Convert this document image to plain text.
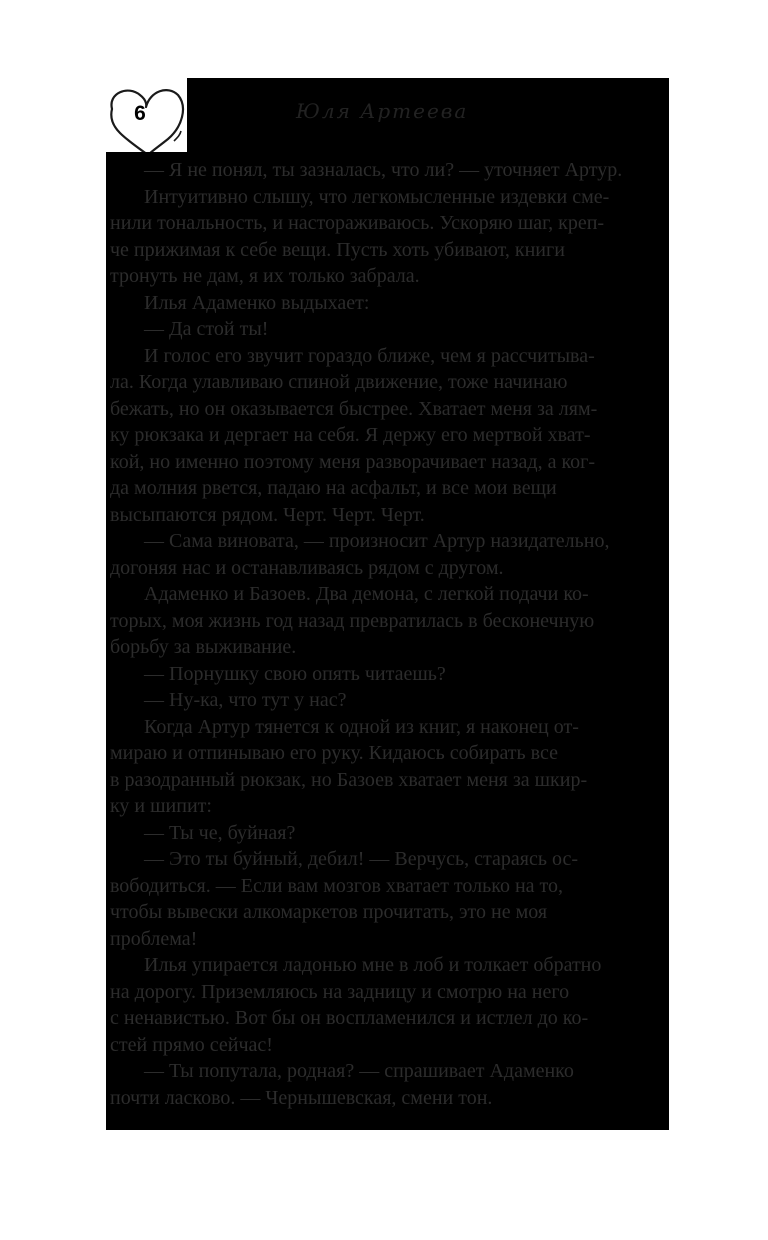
6	Юля Артеева

— Я не понял, ты зазналась, что ли? — уточняет Артур.

Интуитивно слышу, что легкомысленные издевки сме-

нили тональность, и настораживаюсь. Ускоряю шаг, креп-

че прижимая к себе вещи. Пусть хоть убивают, книги

тронуть не дам, я их только забрала.

Илья Адаменко выдыхает:

— Да стой ты!

И голос его звучит гораздо ближе, чем я рассчитыва-

ла. Когда улавливаю спиной движение, тоже начинаю

бежать, но он оказывается быстрее. Хватает меня за лям-

ку рюкзака и дергает на себя. Я держу его мертвой хват-

кой, но именно поэтому меня разворачивает назад, а ког-

да молния рвется, падаю на асфальт, и все мои вещи

высыпаются рядом. Черт. Черт. Черт.

— Сама виновата, — произносит Артур назидательно,

догоняя нас и останавливаясь рядом с другом.

Адаменко и Базоев. Два демона, с легкой подачи ко-

торых, моя жизнь год назад превратилась в бесконечную

борьбу за выживание.

— Порнушку свою опять читаешь?

— Ну-ка, что тут у нас?

Когда Артур тянется к одной из книг, я наконец от-

мираю и отпинываю его руку. Кидаюсь собирать все

в разодранный рюкзак, но Базоев хватает меня за шкир-

ку и шипит:

— Ты че, буйная?

— Это ты буйный, дебил! — Верчусь, стараясь ос-

вободиться. — Если вам мозгов хватает только на то,

чтобы вывески алкомаркетов прочитать, это не моя

проблема!

Илья упирается ладонью мне в лоб и толкает обратно

на дорогу. Приземляюсь на задницу и смотрю на него

с ненавистью. Вот бы он воспламенился и истлел до ко-

стей прямо сейчас!

— Ты попутала, родная? — спрашивает Адаменко

почти ласково. — Чернышевская, смени тон.
